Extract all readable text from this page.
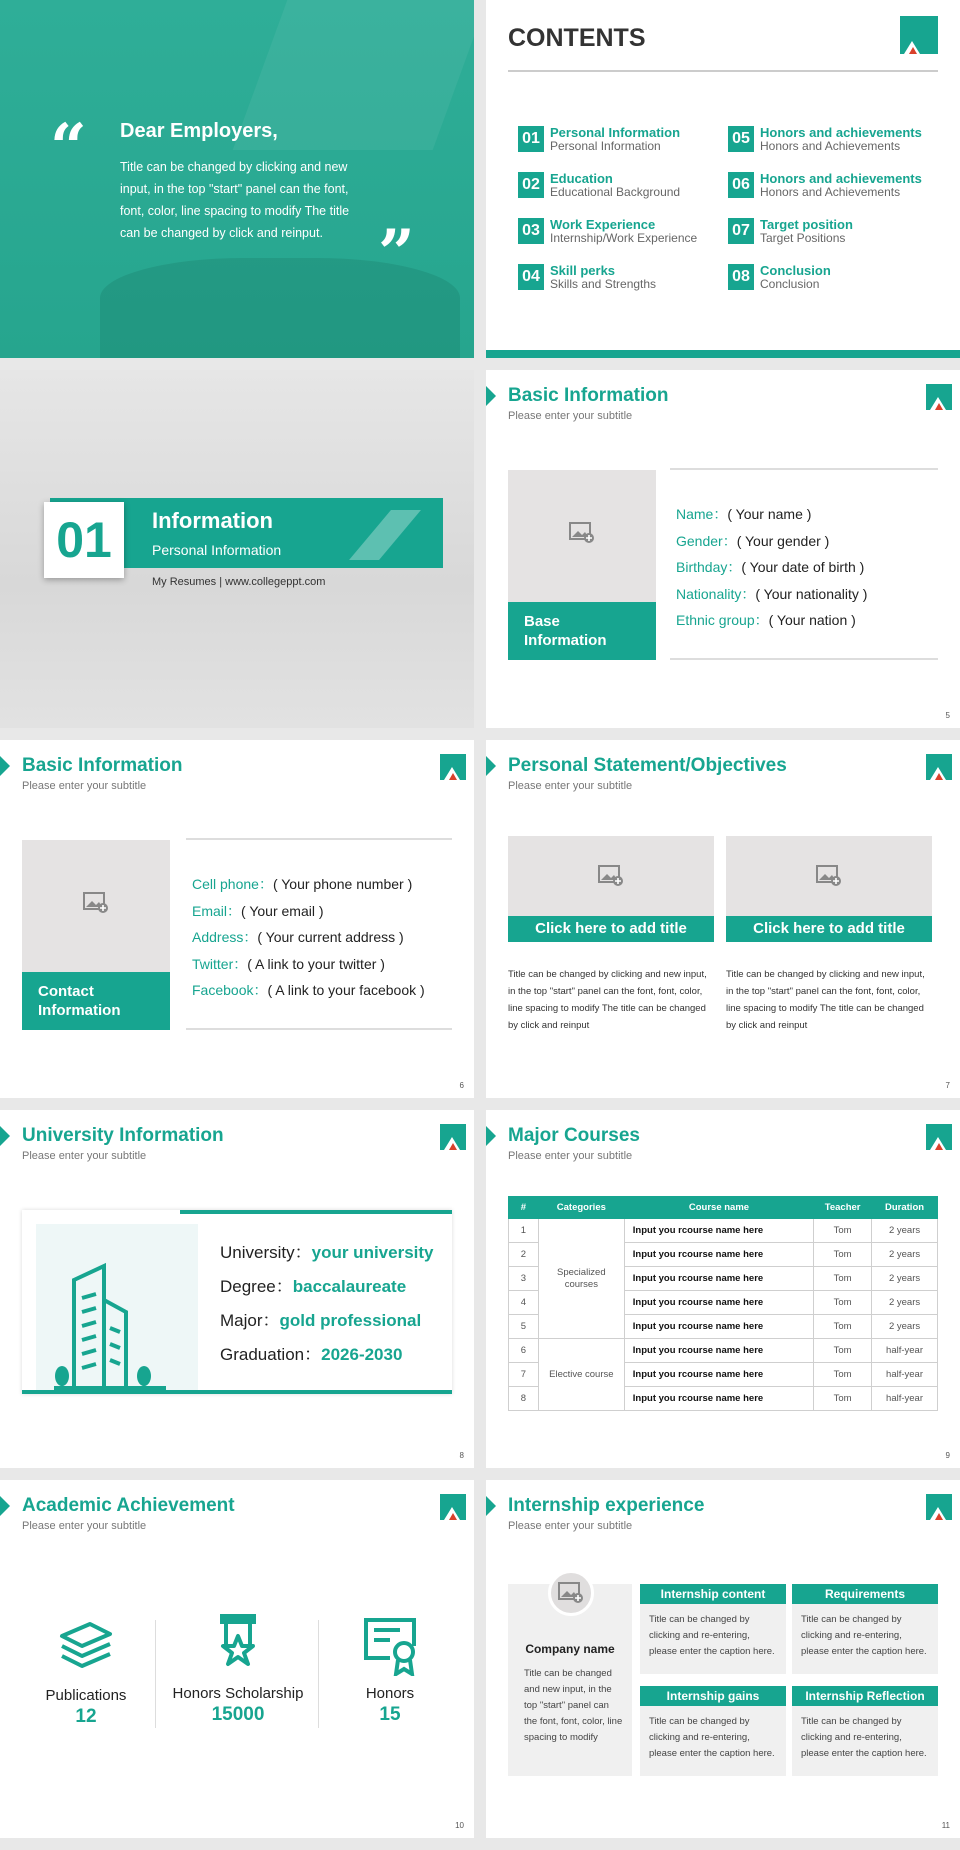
“ Dear Employers,
Title can be changed by clicking and new input, in the top "start" panel can the font, font, color, line spacing to modify The title can be changed by click and reinput. ”
CONTENTS
01 Personal Information
Personal Information
02 Education
Educational Background
03 Work Experience
Internship/Work Experience
04 Skill perks
Skills and Strengths
05 Honors and achievements
Honors and Achievements
06 Honors and achievements
Honors and Achievements
07 Target position
Target Positions
08 Conclusion
Conclusion
01 Information
Personal Information
My Resumes | www.collegeppt.com
Basic Information
Please enter your subtitle
Base Information
Name：( Your name )
Gender：( Your gender )
Birthday：( Your date of birth )
Nationality：( Your nationality )
Ethnic group：( Your nation )
5
Basic Information
Please enter your subtitle
Contact Information
Cell phone：( Your phone number )
Email：( Your email )
Address：( Your current address )
Twitter：( A link to your twitter )
Facebook：( A link to your facebook )
6
Personal Statement/Objectives
Please enter your subtitle
Click here to add title
Title can be changed by clicking and new input, in the top "start" panel can the font, font, color, line spacing to modify The title can be changed by click and reinput
Click here to add title
Title can be changed by clicking and new input, in the top "start" panel can the font, font, color, line spacing to modify The title can be changed by click and reinput
7
University Information
Please enter your subtitle
University：your university
Degree：baccalaureate
Major：gold professional
Graduation：2026-2030
8
Major Courses
Please enter your subtitle
#	Categories	Course name	Teacher	Duration
1	Specialized courses	Input you rcourse name here	Tom	2 years
2		Input you rcourse name here	Tom	2 years
3		Input you rcourse name here	Tom	2 years
4		Input you rcourse name here	Tom	2 years
5		Input you rcourse name here	Tom	2 years
6	Elective course	Input you rcourse name here	Tom	half-year
7		Input you rcourse name here	Tom	half-year
8		Input you rcourse name here	Tom	half-year
9
Academic Achievement
Please enter your subtitle
Publications
12
Honors Scholarship
15000
Honors
15
10
Internship experience
Please enter your subtitle
Company name
Title can be changed and new input, in the top "start" panel can the font, font, color, line spacing to modify
Internship content
Title can be changed by clicking and re-entering, please enter the caption here.
Requirements
Title can be changed by clicking and re-entering, please enter the caption here.
Internship gains
Title can be changed by clicking and re-entering, please enter the caption here.
Internship Reflection
Title can be changed by clicking and re-entering, please enter the caption here.
11
